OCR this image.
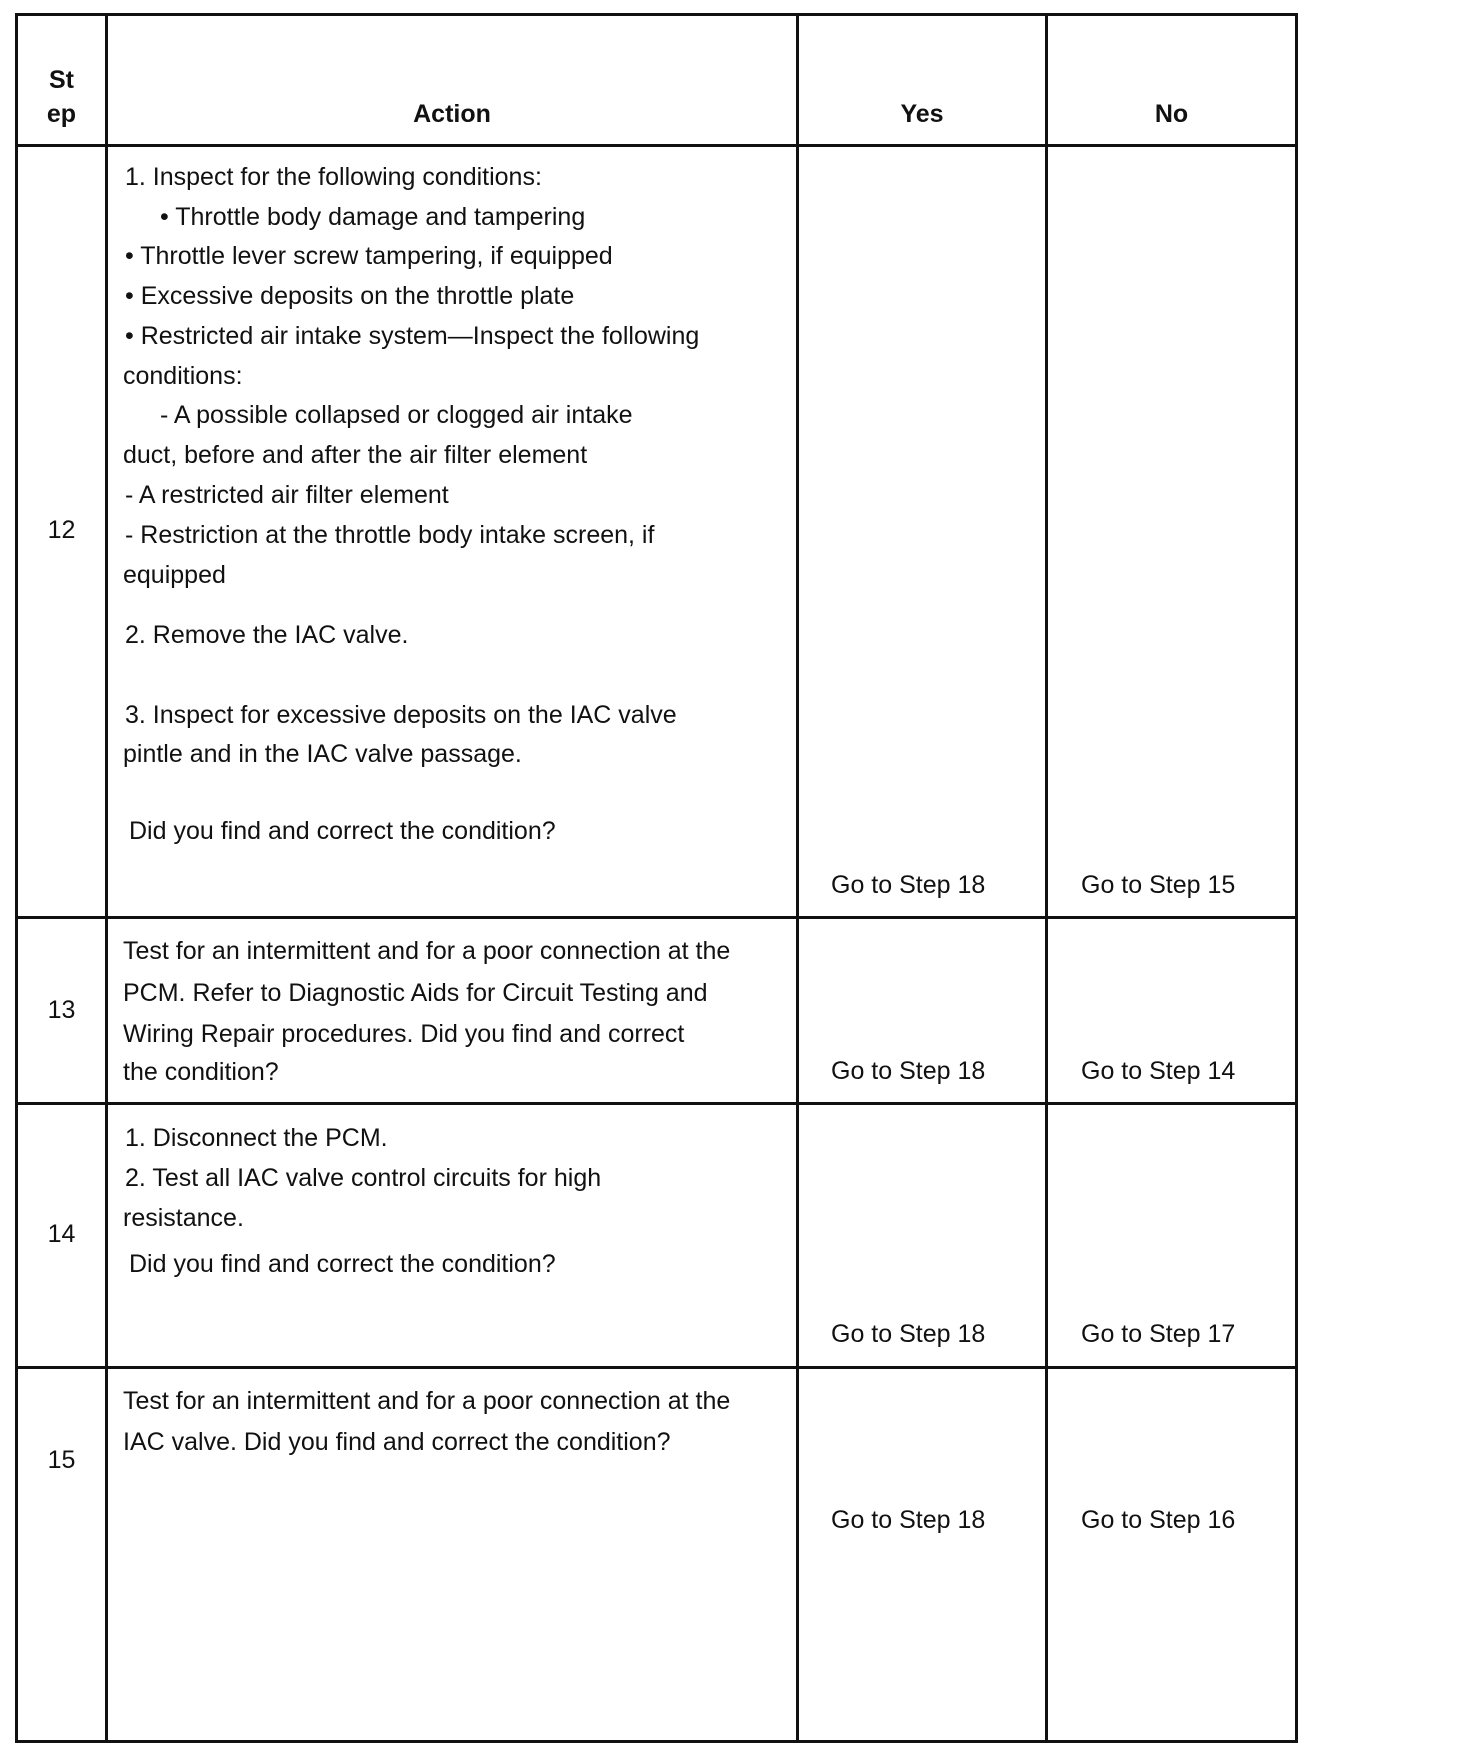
St
ep	Action	Yes	No
12
1. Inspect for the following conditions:
• Throttle body damage and tampering
• Throttle lever screw tampering, if equipped
• Excessive deposits on the throttle plate
• Restricted air intake system—Inspect the following
conditions:
- A possible collapsed or clogged air intake
duct, before and after the air filter element
- A restricted air filter element
- Restriction at the throttle body intake screen, if
equipped
2. Remove the IAC valve.
3. Inspect for excessive deposits on the IAC valve
pintle and in the IAC valve passage.
Did you find and correct the condition?
Go to Step 18	Go to Step 15
13
Test for an intermittent and for a poor connection at the
PCM. Refer to Diagnostic Aids for Circuit Testing and
Wiring Repair procedures. Did you find and correct
the condition?	Go to Step 18	Go to Step 14
14
1. Disconnect the PCM.
2. Test all IAC valve control circuits for high
resistance.
Did you find and correct the condition?
Go to Step 18	Go to Step 17
15
Test for an intermittent and for a poor connection at the
IAC valve. Did you find and correct the condition?
Go to Step 18	Go to Step 16
